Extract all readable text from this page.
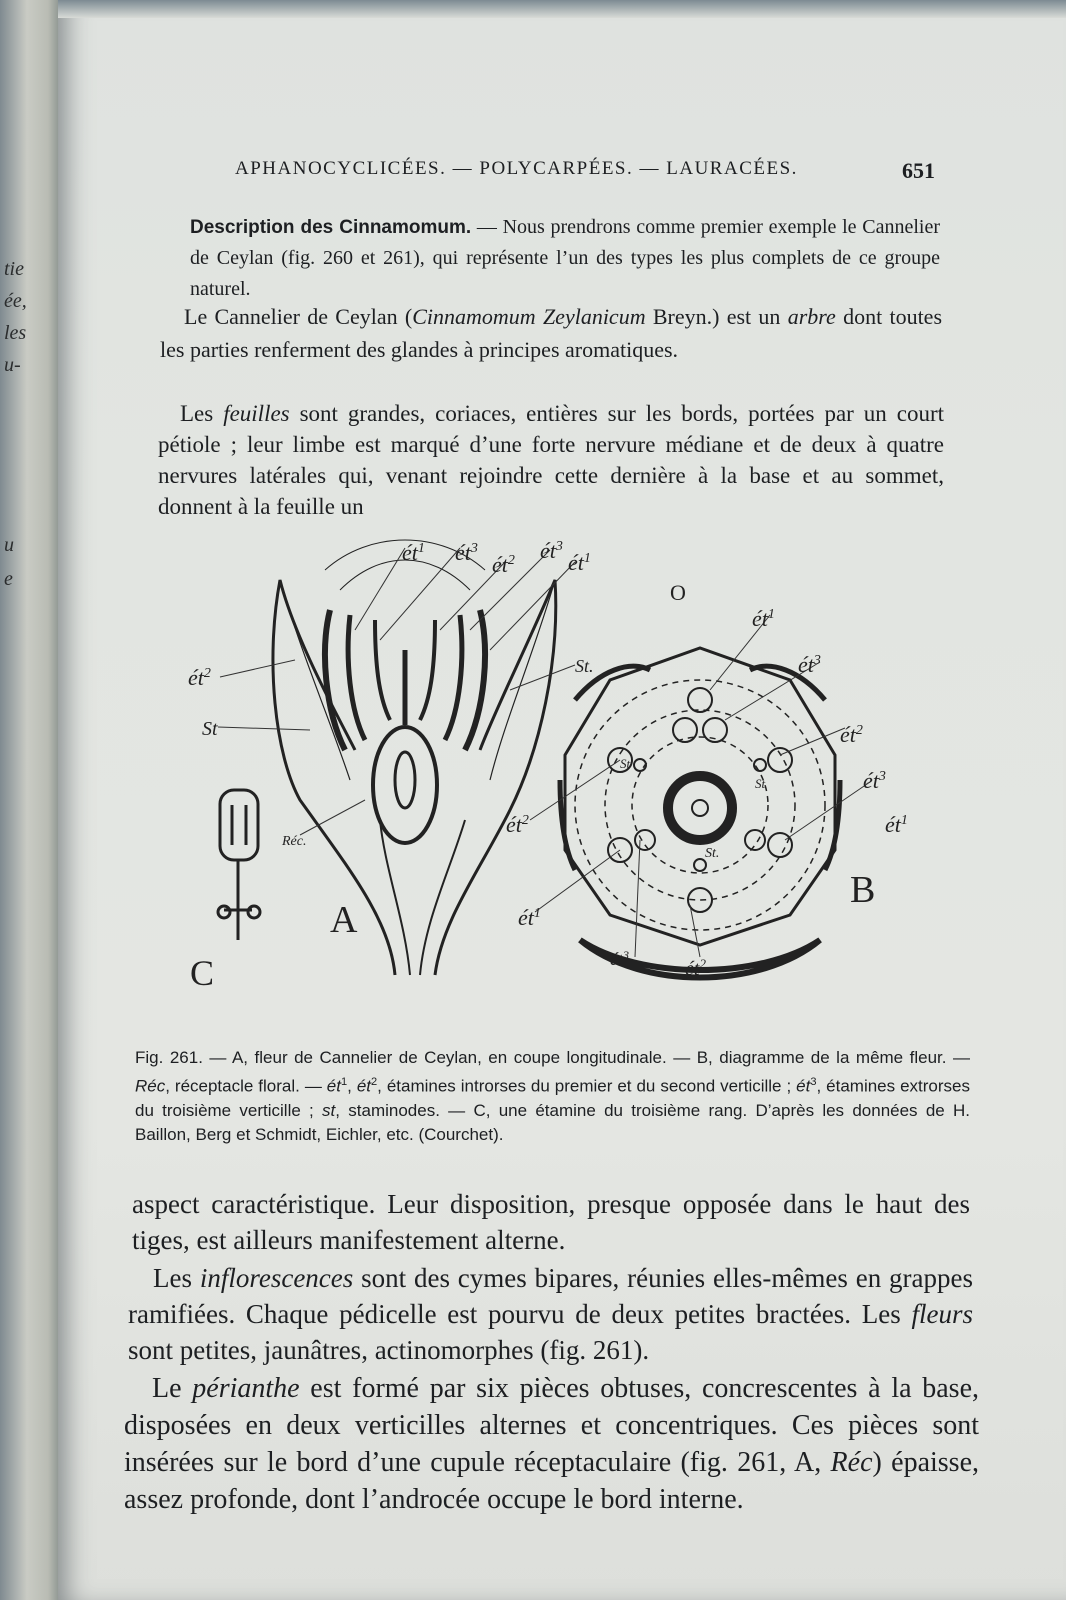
tie
ée,
les
u-
u
e
APHANOCYCLICÉES. — POLYCARPÉES. — LAURACÉES.	651
Description des Cinnamomum. — Nous prendrons comme premier exemple le Cannelier de Ceylan (fig. 260 et 261), qui représente l’un des types les plus complets de ce groupe naturel.
Le Cannelier de Ceylan (Cinnamomum Zeylanicum Breyn.) est un arbre dont toutes les parties renferment des glandes à principes aromatiques.
Les feuilles sont grandes, coriaces, entières sur les bords, portées par un court pétiole ; leur limbe est marqué d’une forte nervure médiane et de deux à quatre nervures latérales qui, venant rejoindre cette dernière à la base et au sommet, donnent à la feuille un
$ét^1$ $ét^3$
$ét^2$ $ét^3$
$ét^1$
$ét^2$
St
St.
Réc.
A
B
C
O
$ét^1$
$ét^3$
$ét^2$
$ét^3$
$ét^1$
$ét^2$
$ét^1$
$ét^3$
$ét^2$
St
St
St.
Fig. 261. — A, fleur de Cannelier de Ceylan, en coupe longitudinale. — B, diagramme de la même fleur. — Réc, réceptacle floral. — $ét^1$, $ét^2$, étamines introrses du premier et du second verticille ; $ét^3$, étamines extrorses du troisième verticille ; st, staminodes. — C, une étamine du troisième rang. D’après les données de H. Baillon, Berg et Schmidt, Eichler, etc. (Courchet).
aspect caractéristique. Leur disposition, presque opposée dans le haut des tiges, est ailleurs manifestement alterne.
Les inflorescences sont des cymes bipares, réunies elles-mêmes en grappes ramifiées. Chaque pédicelle est pourvu de deux petites bractées. Les fleurs sont petites, jaunâtres, actinomorphes (fig. 261).
Le périanthe est formé par six pièces obtuses, concrescentes à la base, disposées en deux verticilles alternes et concentriques. Ces pièces sont insérées sur le bord d’une cupule réceptaculaire (fig. 261, A, Réc) épaisse, assez profonde, dont l’androcée occupe le bord interne.
